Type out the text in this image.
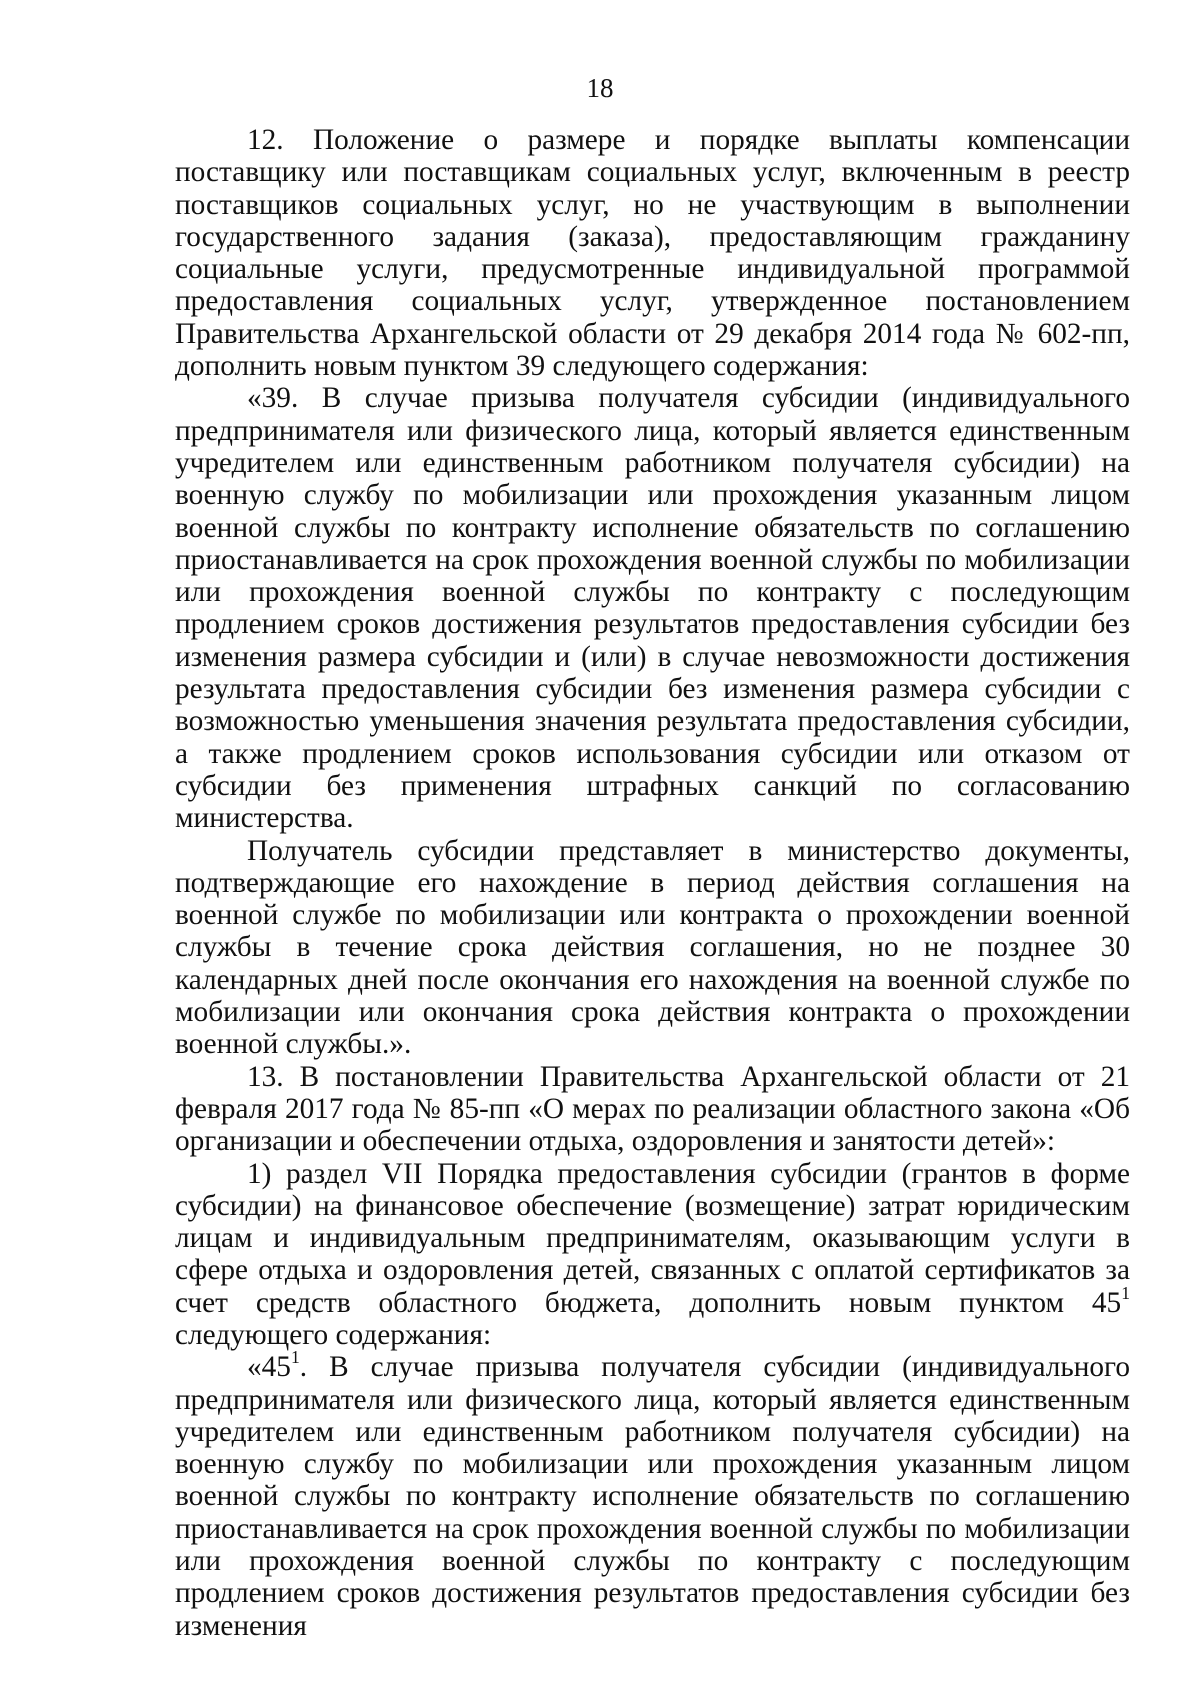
18

12. Положение о размере и порядке выплаты компенсации поставщику или поставщикам социальных услуг, включенным в реестр поставщиков социальных услуг, но не участвующим в выполнении государственного задания (заказа), предоставляющим гражданину социальные услуги, предусмотренные индивидуальной программой предоставления социальных услуг, утвержденное постановлением Правительства Архангельской области от 29 декабря 2014 года № 602-пп, дополнить новым пунктом 39 следующего содержания:

«39. В случае призыва получателя субсидии (индивидуального предпринимателя или физического лица, который является единственным учредителем или единственным работником получателя субсидии) на военную службу по мобилизации или прохождения указанным лицом военной службы по контракту исполнение обязательств по соглашению приостанавливается на срок прохождения военной службы по мобилизации или прохождения военной службы по контракту с последующим продлением сроков достижения результатов предоставления субсидии без изменения размера субсидии и (или) в случае невозможности достижения результата предоставления субсидии без изменения размера субсидии с возможностью уменьшения значения результата предоставления субсидии, а также продлением сроков использования субсидии или отказом от субсидии без применения штрафных санкций по согласованию министерства.

Получатель субсидии представляет в министерство документы, подтверждающие его нахождение в период действия соглашения на военной службе по мобилизации или контракта о прохождении военной службы в течение срока действия соглашения, но не позднее 30 календарных дней после окончания его нахождения на военной службе по мобилизации или окончания срока действия контракта о прохождении военной службы.».

13. В постановлении Правительства Архангельской области от 21 февраля 2017 года № 85-пп «О мерах по реализации областного закона «Об организации и обеспечении отдыха, оздоровления и занятости детей»:

1) раздел VII Порядка предоставления субсидии (грантов в форме субсидии) на финансовое обеспечение (возмещение) затрат юридическим лицам и индивидуальным предпринимателям, оказывающим услуги в сфере отдыха и оздоровления детей, связанных с оплатой сертификатов за счет средств областного бюджета, дополнить новым пунктом 45$^1$ следующего содержания:

«45$^1$. В случае призыва получателя субсидии (индивидуального предпринимателя или физического лица, который является единственным учредителем или единственным работником получателя субсидии) на военную службу по мобилизации или прохождения указанным лицом военной службы по контракту исполнение обязательств по соглашению приостанавливается на срок прохождения военной службы по мобилизации или прохождения военной службы по контракту с последующим продлением сроков достижения результатов предоставления субсидии без изменения
